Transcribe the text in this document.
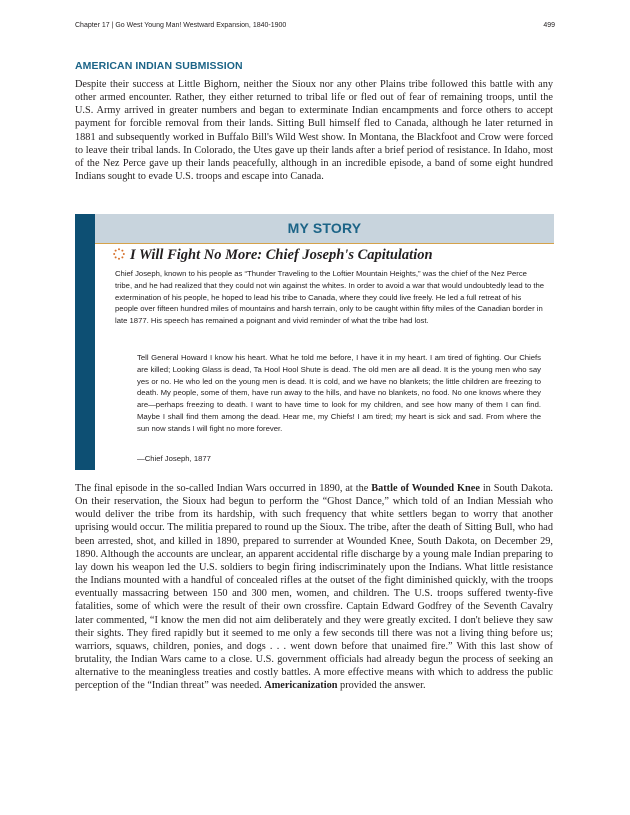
Chapter 17 | Go West Young Man! Westward Expansion, 1840-1900	499
AMERICAN INDIAN SUBMISSION

Despite their success at Little Bighorn, neither the Sioux nor any other Plains tribe followed this battle with any other armed encounter. Rather, they either returned to tribal life or fled out of fear of remaining troops, until the U.S. Army arrived in greater numbers and began to exterminate Indian encampments and force others to accept payment for forcible removal from their lands. Sitting Bull himself fled to Canada, although he later returned in 1881 and subsequently worked in Buffalo Bill's Wild West show. In Montana, the Blackfoot and Crow were forced to leave their tribal lands. In Colorado, the Utes gave up their lands after a brief period of resistance. In Idaho, most of the Nez Perce gave up their lands peacefully, although in an incredible episode, a band of some eight hundred Indians sought to evade U.S. troops and escape into Canada.

MY STORY
I Will Fight No More: Chief Joseph's Capitulation

Chief Joseph, known to his people as “Thunder Traveling to the Loftier Mountain Heights,” was the chief of the Nez Perce tribe, and he had realized that they could not win against the whites. In order to avoid a war that would undoubtedly lead to the extermination of his people, he hoped to lead his tribe to Canada, where they could live freely. He led a full retreat of his people over fifteen hundred miles of mountains and harsh terrain, only to be caught within fifty miles of the Canadian border in late 1877. His speech has remained a poignant and vivid reminder of what the tribe had lost.

Tell General Howard I know his heart. What he told me before, I have it in my heart. I am tired of fighting. Our Chiefs are killed; Looking Glass is dead, Ta Hool Hool Shute is dead. The old men are all dead. It is the young men who say yes or no. He who led on the young men is dead. It is cold, and we have no blankets; the little children are freezing to death. My people, some of them, have run away to the hills, and have no blankets, no food. No one knows where they are—perhaps freezing to death. I want to have time to look for my children, and see how many of them I can find. Maybe I shall find them among the dead. Hear me, my Chiefs! I am tired; my heart is sick and sad. From where the sun now stands I will fight no more forever.

—Chief Joseph, 1877

The final episode in the so-called Indian Wars occurred in 1890, at the Battle of Wounded Knee in South Dakota. On their reservation, the Sioux had begun to perform the “Ghost Dance,” which told of an Indian Messiah who would deliver the tribe from its hardship, with such frequency that white settlers began to worry that another uprising would occur. The militia prepared to round up the Sioux. The tribe, after the death of Sitting Bull, who had been arrested, shot, and killed in 1890, prepared to surrender at Wounded Knee, South Dakota, on December 29, 1890. Although the accounts are unclear, an apparent accidental rifle discharge by a young male Indian preparing to lay down his weapon led the U.S. soldiers to begin firing indiscriminately upon the Indians. What little resistance the Indians mounted with a handful of concealed rifles at the outset of the fight diminished quickly, with the troops eventually massacring between 150 and 300 men, women, and children. The U.S. troops suffered twenty-five fatalities, some of which were the result of their own crossfire. Captain Edward Godfrey of the Seventh Cavalry later commented, “I know the men did not aim deliberately and they were greatly excited. I don't believe they saw their sights. They fired rapidly but it seemed to me only a few seconds till there was not a living thing before us; warriors, squaws, children, ponies, and dogs . . . went down before that unaimed fire.” With this last show of brutality, the Indian Wars came to a close. U.S. government officials had already begun the process of seeking an alternative to the meaningless treaties and costly battles. A more effective means with which to address the public perception of the “Indian threat” was needed. Americanization provided the answer.
